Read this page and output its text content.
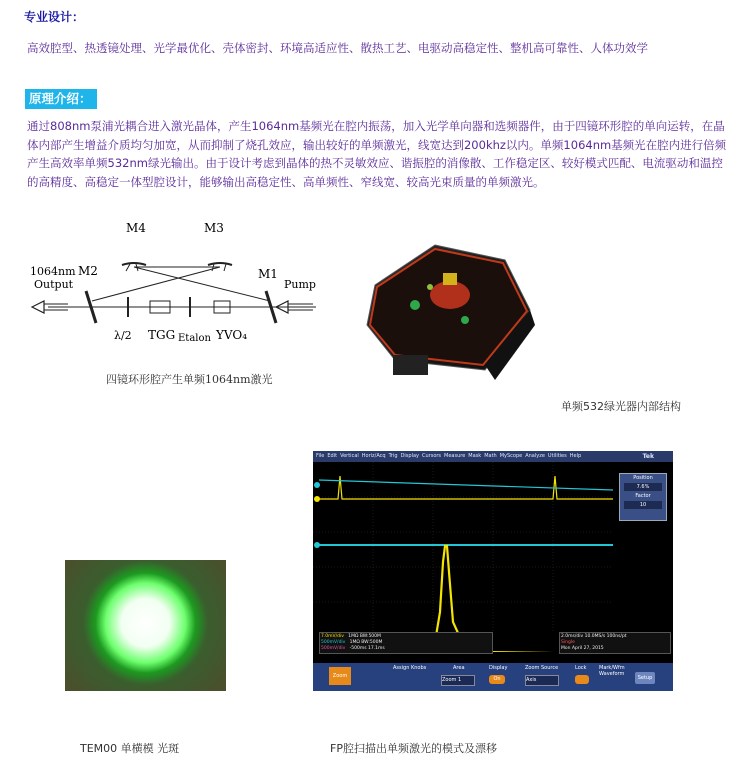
专业设计：
高效腔型、热透镜处理、光学最优化、壳体密封、环境高适应性、散热工艺、电驱动高稳定性、整机高可靠性、人体功效学
原理介绍：
通过808nm泵浦光耦合进入激光晶体，产生1064nm基频光在腔内振荡，加入光学单向器和选频器件，由于四镜环形腔的单向运转，在晶体内部产生增益介质均匀加宽，从而抑制了烧孔效应，输出较好的单频激光，线宽达到200khz以内。单频1064nm基频光在腔内进行倍频产生高效率单频532nm绿光输出。由于设计考虑到晶体的热不灵敏效应、谐振腔的消像散、工作稳定区、较好模式匹配、电流驱动和温控的高精度、高稳定一体型腔设计，能够输出高稳定性、高单频性、窄线宽、较高光束质量的单频激光。
M4	M3
1064nm M2
Output
M1
Pump
λ/2 TGG Etalon YVO₄
四镜环形腔产生单频1064nm激光
单频532绿光器内部结构
TEM00 单横模 光斑
File Edit Vertical Horiz/Acq Trig Display Cursors Measure Mask Math MyScope Analyze Utilities Help	Tek
Position
7.6%
Factor
10
7.0mV/div 1MΩ BW:500M
500mV/div 1MΩ BW:500M
500mV/div -500ms 17.1ms
2.0ms/div 10.0MS/s 100ns/pt
Single
Mon April 27, 2015
Zoom
Assign Knobs	Area
Zoom 1
Display
On
Zoom Source
Axis
Lock	Mark/Wfm Waveform
Setup
FP腔扫描出单频激光的模式及漂移
